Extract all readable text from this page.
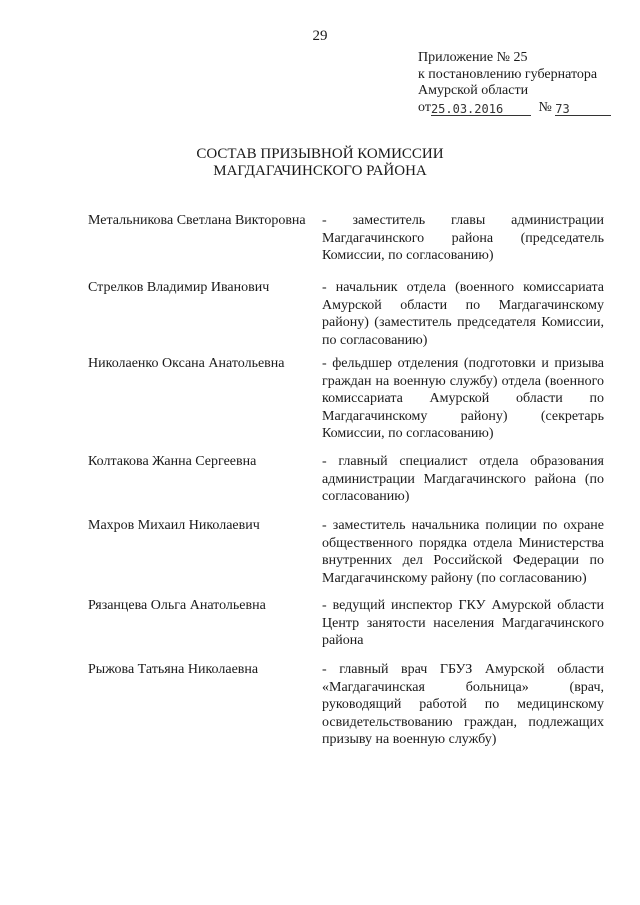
29
Приложение № 25
к постановлению губернатора
Амурской области
от25.03.2016	№ 73
СОСТАВ ПРИЗЫВНОЙ КОМИССИИ
МАГДАГАЧИНСКОГО РАЙОНА
Метальникова Светлана Викторовна - заместитель главы администрации Магдагачинского района (председатель Комиссии, по согласованию)
Стрелков Владимир Иванович	- начальник отдела (военного комиссариата Амурской области по Магдагачинскому району) (заместитель председателя Комиссии, по согласованию)
Николаенко Оксана Анатольевна	- фельдшер отделения (подготовки и призыва граждан на военную службу) отдела (военного комиссариата Амурской области по Магдагачинскому району) (секретарь Комиссии, по согласованию)
Колтакова Жанна Сергеевна	- главный специалист отдела образования администрации Магдагачинского района (по согласованию)
Махров Михаил Николаевич	- заместитель начальника полиции по охране общественного порядка отдела Министерства внутренних дел Российской Федерации по Магдагачинскому району (по согласованию)
Рязанцева Ольга Анатольевна	- ведущий инспектор ГКУ Амурской области Центр занятости населения Магдагачинского района
Рыжова Татьяна Николаевна	- главный врач ГБУЗ Амурской области «Магдагачинская больница» (врач, руководящий работой по медицинскому освидетельствованию граждан, подлежащих призыву на военную службу)
